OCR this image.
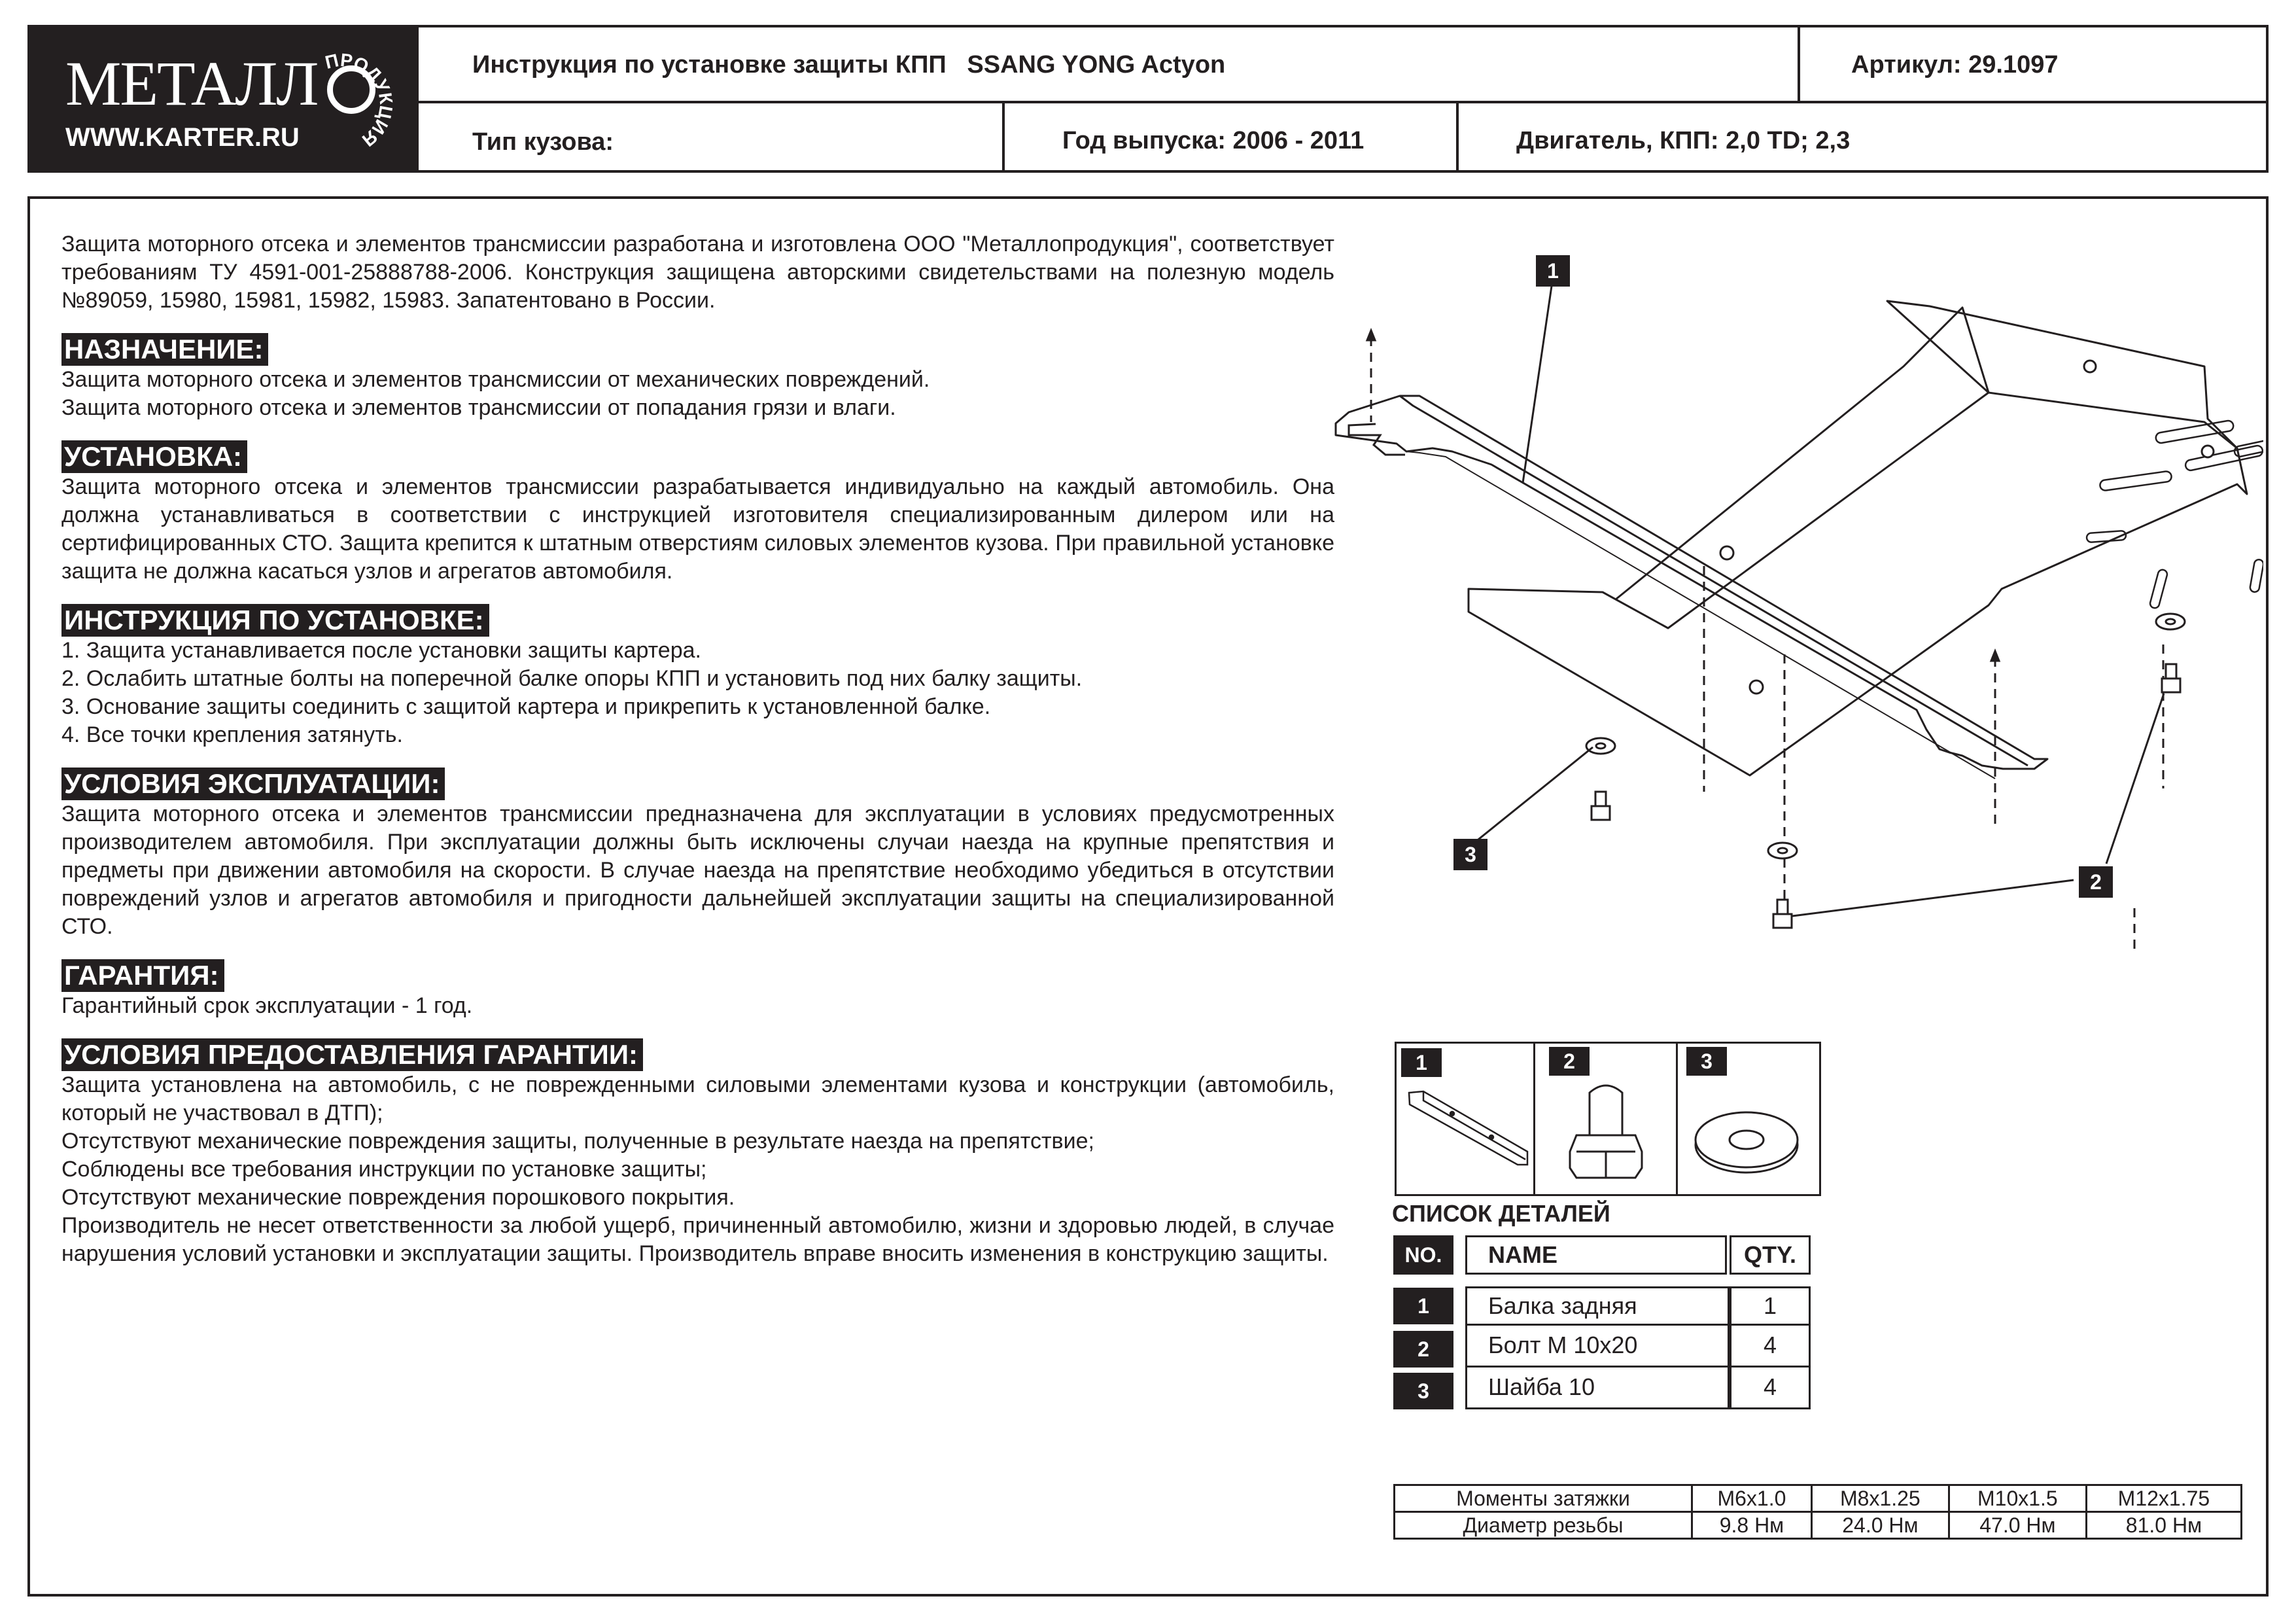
МЕТАЛЛ ПРОДУКЦИЯ
WWW.KARTER.RU
Инструкция по установке защиты КПП   SSANG YONG Actyon	Артикул: 29.1097
Тип кузова:	Год выпуска: 2006 - 2011	Двигатель, КПП: 2,0 TD; 2,3

Защита моторного отсека и элементов трансмиссии разработана и изготовлена ООО "Металлопродукция", соответствует требованиям ТУ 4591-001-25888788-2006. Конструкция защищена авторскими свидетельствами на полезную модель №89059, 15980, 15981, 15982, 15983. Запатентовано в России.

НАЗНАЧЕНИЕ:

Защита моторного отсека и элементов трансмиссии от механических повреждений.

Защита моторного отсека и элементов трансмиссии от попадания грязи и влаги.

УСТАНОВКА:

Защита моторного отсека и элементов трансмиссии разрабатывается индивидуально на каждый автомобиль. Она должна устанавливаться в соответствии с инструкцией изготовителя специализированным дилером или на сертифицированных СТО. Защита крепится к штатным отверстиям силовых элементов кузова. При правильной установке защита не должна касаться узлов и агрегатов автомобиля.

ИНСТРУКЦИЯ ПО УСТАНОВКЕ:

1. Защита устанавливается после установки защиты картера.

2. Ослабить штатные болты на поперечной балке опоры КПП и установить под них балку защиты.

3. Основание защиты соединить с защитой картера и прикрепить к установленной балке.

4. Все точки крепления затянуть.

УСЛОВИЯ ЭКСПЛУАТАЦИИ:

Защита моторного отсека и элементов трансмиссии предназначена для эксплуатации в условиях предусмотренных производителем автомобиля. При эксплуатации должны быть исключены случаи наезда на крупные препятствия и предметы при движении автомобиля на скорости. В случае наезда на препятствие необходимо убедиться в отсутствии повреждений узлов и агрегатов автомобиля и пригодности дальнейшей эксплуатации защиты на специализированной СТО.

ГАРАНТИЯ:

Гарантийный срок эксплуатации - 1 год.

УСЛОВИЯ ПРЕДОСТАВЛЕНИЯ ГАРАНТИИ:

Защита установлена на автомобиль, с не поврежденными силовыми элементами кузова и конструкции (автомобиль, который не участвовал в ДТП);

Отсутствуют механические повреждения защиты, полученные в результате наезда на препятствие;

Соблюдены все требования инструкции по установке защиты;

Отсутствуют механические повреждения порошкового покрытия.

Производитель не несет ответственности за любой ущерб, причиненный автомобилю, жизни и здоровью людей, в случае нарушения условий установки и эксплуатации защиты. Производитель вправе вносить изменения в конструкцию защиты.

1
2
3
1	2	3
СПИСОК ДЕТАЛЕЙ
NO.	NAME	QTY.
1	Балка задняя	1
2	Болт М 10х20	4
3	Шайба 10	4
Моменты затяжки	M6x1.0	M8x1.25	M10x1.5	M12x1.75
Диаметр резьбы	9.8 Нм	24.0 Нм	47.0 Нм	81.0 Нм
